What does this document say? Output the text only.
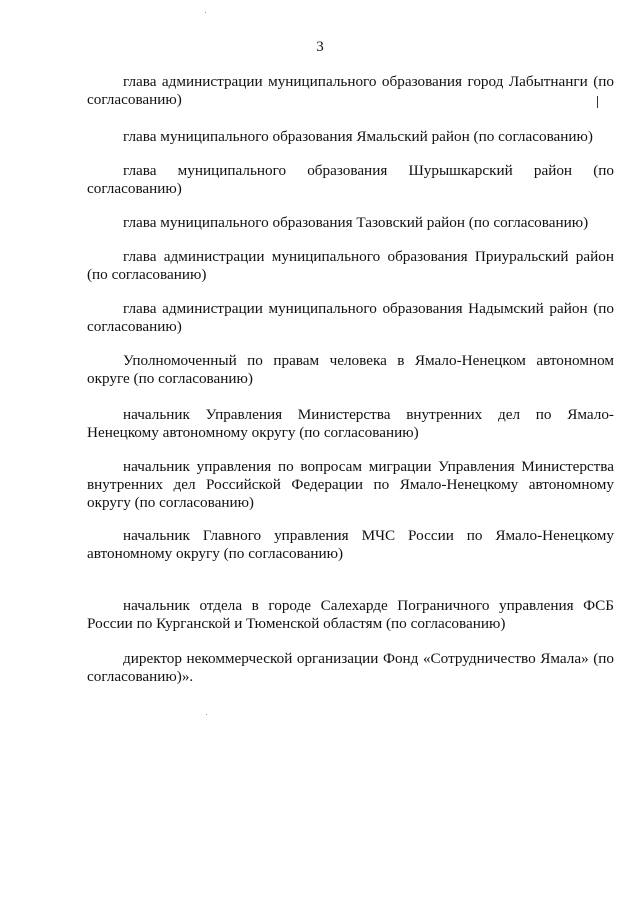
3

глава администрации муниципального образования город Лабытнанги (по согласованию)

глава муниципального образования Ямальский район (по согласованию)

глава муниципального образования Шурышкарский район (по согласованию)

глава муниципального образования Тазовский район (по согласованию)

глава администрации муниципального образования Приуральский район (по согласованию)

глава администрации муниципального образования Надымский район (по согласованию)

Уполномоченный по правам человека в Ямало-Ненецком автономном округе (по согласованию)

начальник Управления Министерства внутренних дел по Ямало-Ненецкому автономному округу (по согласованию)

начальник управления по вопросам миграции Управления Министерства внутренних дел Российской Федерации по Ямало-Ненецкому автономному округу (по согласованию)

начальник Главного управления МЧС России по Ямало-Ненецкому автономному округу (по согласованию)

начальник отдела в городе Салехарде Пограничного управления ФСБ России по Курганской и Тюменской областям (по согласованию)

директор некоммерческой организации Фонд «Сотрудничество Ямала» (по согласованию)».
